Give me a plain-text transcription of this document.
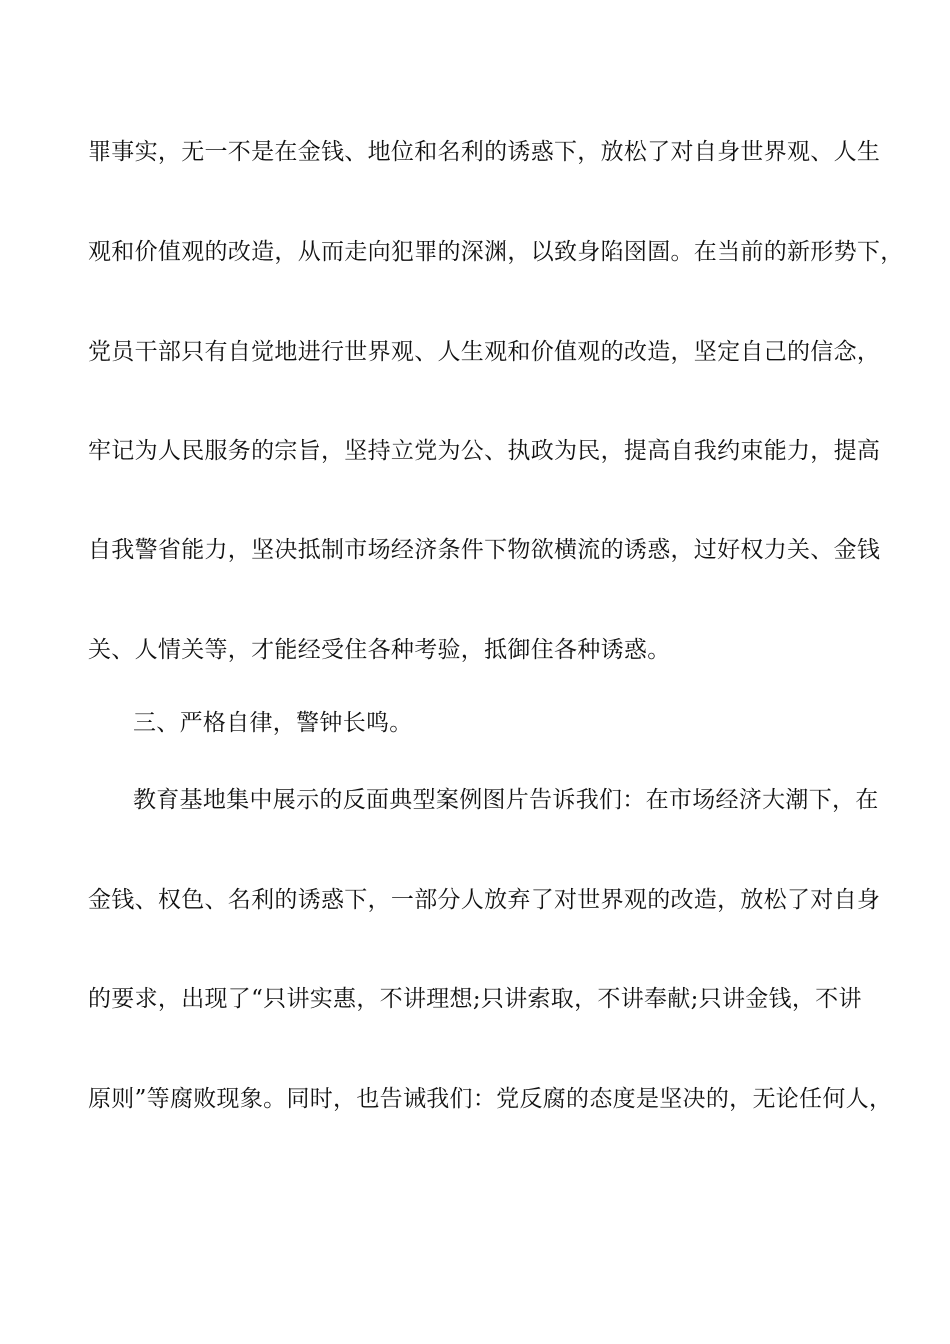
罪事实，无一不是在金钱、地位和名利的诱惑下，放松了对自身世界观、人生
观和价值观的改造，从而走向犯罪的深渊，以致身陷囹圄。在当前的新形势下，
党员干部只有自觉地进行世界观、人生观和价值观的改造，坚定自己的信念，
牢记为人民服务的宗旨，坚持立党为公、执政为民，提高自我约束能力，提高
自我警省能力，坚决抵制市场经济条件下物欲横流的诱惑，过好权力关、金钱
关、人情关等，才能经受住各种考验，抵御住各种诱惑。
三、严格自律，警钟长鸣。
教育基地集中展示的反面典型案例图片告诉我们：在市场经济大潮下，在
金钱、权色、名利的诱惑下，一部分人放弃了对世界观的改造，放松了对自身
的要求，出现了“只讲实惠，不讲理想;只讲索取，不讲奉献;只讲金钱，不讲
原则”等腐败现象。同时，也告诫我们：党反腐的态度是坚决的，无论任何人，
